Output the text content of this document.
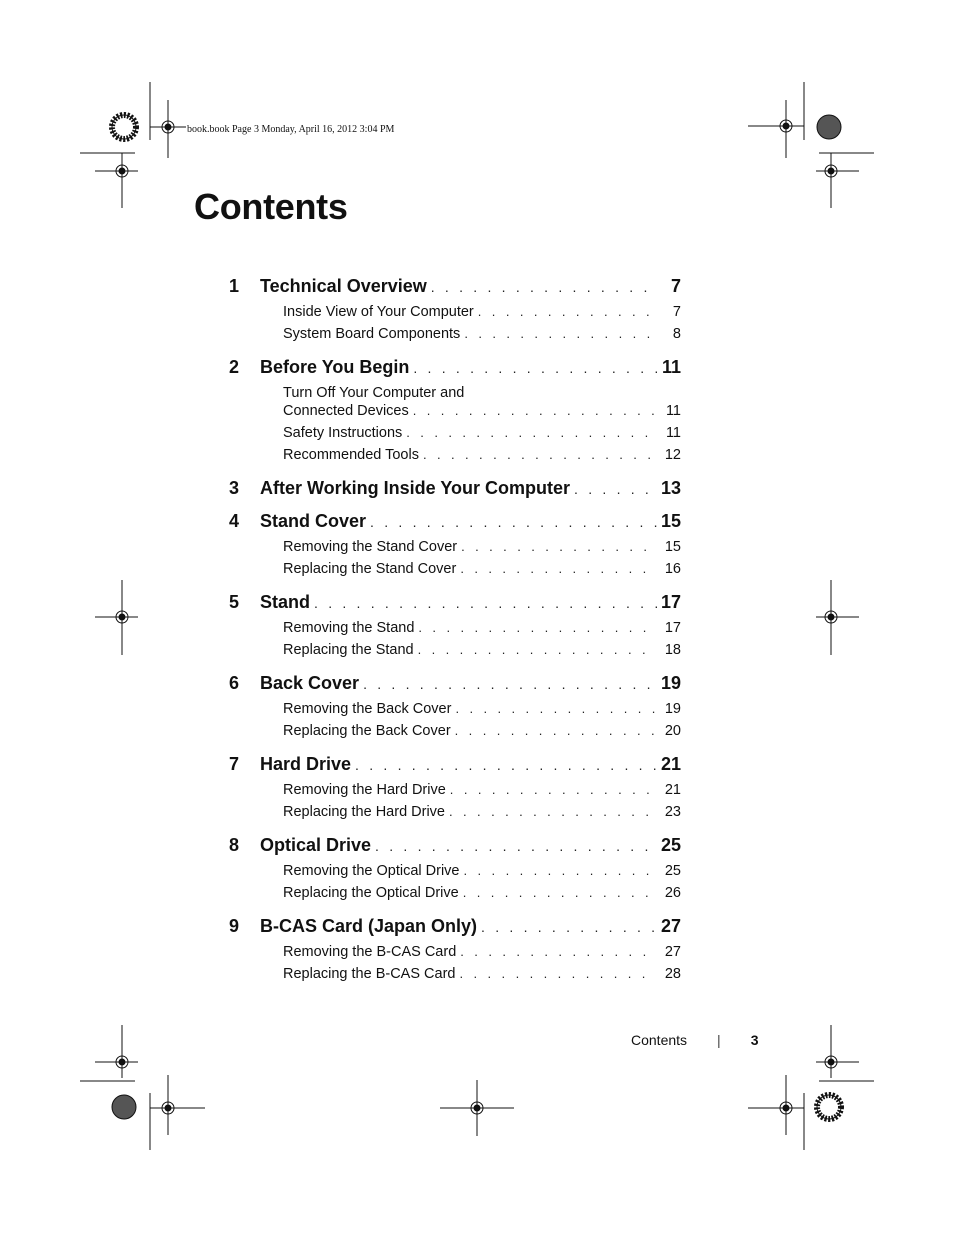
book.book Page 3 Monday, April 16, 2012 3:04 PM
Contents
1	Technical Overview . . .	7
Inside View of Your Computer . . .	7
System Board Components . . .	8
2	Before You Begin . . .	11
Turn Off Your Computer and
Connected Devices . . .	11
Safety Instructions . . .	11
Recommended Tools . . .	12
3	After Working Inside Your Computer . . .	13
4	Stand Cover . . .	15
Removing the Stand Cover . . .	15
Replacing the Stand Cover . . .	16
5	Stand . . .	17
Removing the Stand . . .	17
Replacing the Stand . . .	18
6	Back Cover . . .	19
Removing the Back Cover . . .	19
Replacing the Back Cover . . .	20
7	Hard Drive . . .	21
Removing the Hard Drive . . .	21
Replacing the Hard Drive . . .	23
8	Optical Drive . . .	25
Removing the Optical Drive . . .	25
Replacing the Optical Drive . . .	26
9	B-CAS Card (Japan Only) . . .	27
Removing the B-CAS Card . . .	27
Replacing the B-CAS Card . . .	28
Contents | 3
